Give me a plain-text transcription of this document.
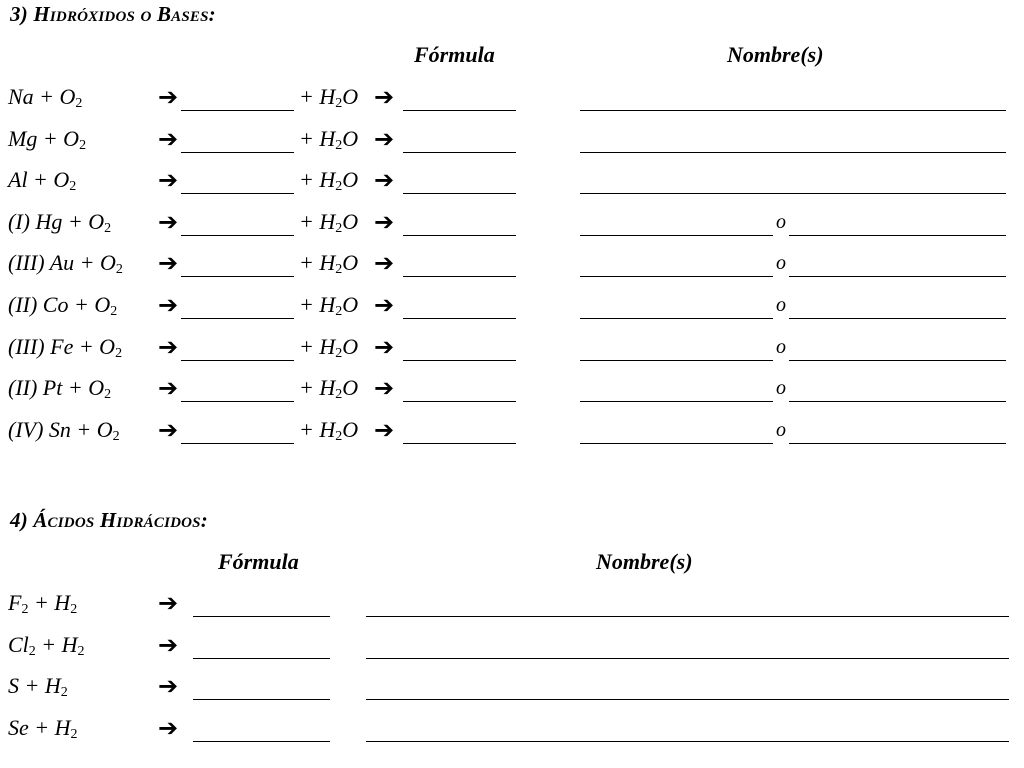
3) Hidróxidos o Bases:
Fórmula	Nombre(s)
$Na + O_2$	➔	+ $H_2O$ ➔
$Mg + O_2$	➔	+ $H_2O$ ➔
$Al + O_2$	➔	+ $H_2O$ ➔
(I) $Hg + O_2$ ➔	+ $H_2O$ ➔	o
(III) $Au + O_2$ ➔	+ $H_2O$ ➔	o
(II) $Co + O_2$ ➔	+ $H_2O$ ➔	o
(III) $Fe + O_2$ ➔	+ $H_2O$ ➔	o
(II) $Pt + O_2$ ➔	+ $H_2O$ ➔	o
(IV) $Sn + O_2$ ➔	+ $H_2O$ ➔	o
4) Ácidos Hidrácidos:
Fórmula	Nombre(s)
$F_2 + H_2$	➔
$Cl_2 + H_2$	➔
$S + H_2$	➔
$Se + H_2$	➔
